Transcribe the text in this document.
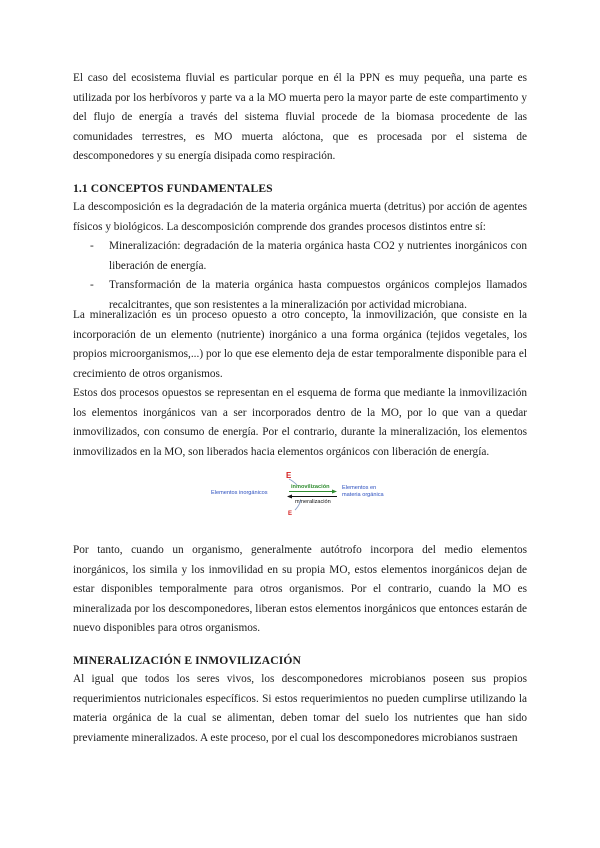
El caso del ecosistema fluvial es particular porque en él la PPN es muy pequeña, una parte es utilizada por los herbívoros y parte va a la MO muerta pero la mayor parte de este compartimento y del flujo de energía a través del sistema fluvial procede de la biomasa procedente de las comunidades terrestres, es MO muerta alóctona, que es procesada por el sistema de descomponedores y su energía disipada como respiración.

1.1 CONCEPTOS FUNDAMENTALES

La descomposición es la degradación de la materia orgánica muerta (detritus) por acción de agentes físicos y biológicos. La descomposición comprende dos grandes procesos distintos entre sí:

- Mineralización: degradación de la materia orgánica hasta CO2 y nutrientes inorgánicos con liberación de energía.
- Transformación de la materia orgánica hasta compuestos orgánicos complejos llamados recalcitrantes, que son resistentes a la mineralización por actividad microbiana.

La mineralización es un proceso opuesto a otro concepto, la inmovilización, que consiste en la incorporación de un elemento (nutriente) inorgánico a una forma orgánica (tejidos vegetales, los propios microorganismos,...) por lo que ese elemento deja de estar temporalmente disponible para el crecimiento de otros organismos.

Estos dos procesos opuestos se representan en el esquema de forma que mediante la inmovilización los elementos inorgánicos van a ser incorporados dentro de la MO, por lo que van a quedar inmovilizados, con consumo de energía. Por el contrario, durante la mineralización, los elementos inmovilizados en la MO, son liberados hacia elementos orgánicos con liberación de energía.

Elementos inorgánicos
Elementos en
materia orgánica
E
inmovilización
mineralización
E

Por tanto, cuando un organismo, generalmente autótrofo incorpora del medio elementos inorgánicos, los simila y los inmovilidad en su propia MO, estos elementos inorgánicos dejan de estar disponibles temporalmente para otros organismos. Por el contrario, cuando la MO es mineralizada por los descomponedores, liberan estos elementos inorgánicos que entonces estarán de nuevo disponibles para otros organismos.

MINERALIZACIÓN E INMOVILIZACIÓN

Al igual que todos los seres vivos, los descomponedores microbianos poseen sus propios requerimientos nutricionales específicos. Si estos requerimientos no pueden cumplirse utilizando la materia orgánica de la cual se alimentan, deben tomar del suelo los nutrientes que han sido previamente mineralizados. A este proceso, por el cual los descomponedores microbianos sustraen
